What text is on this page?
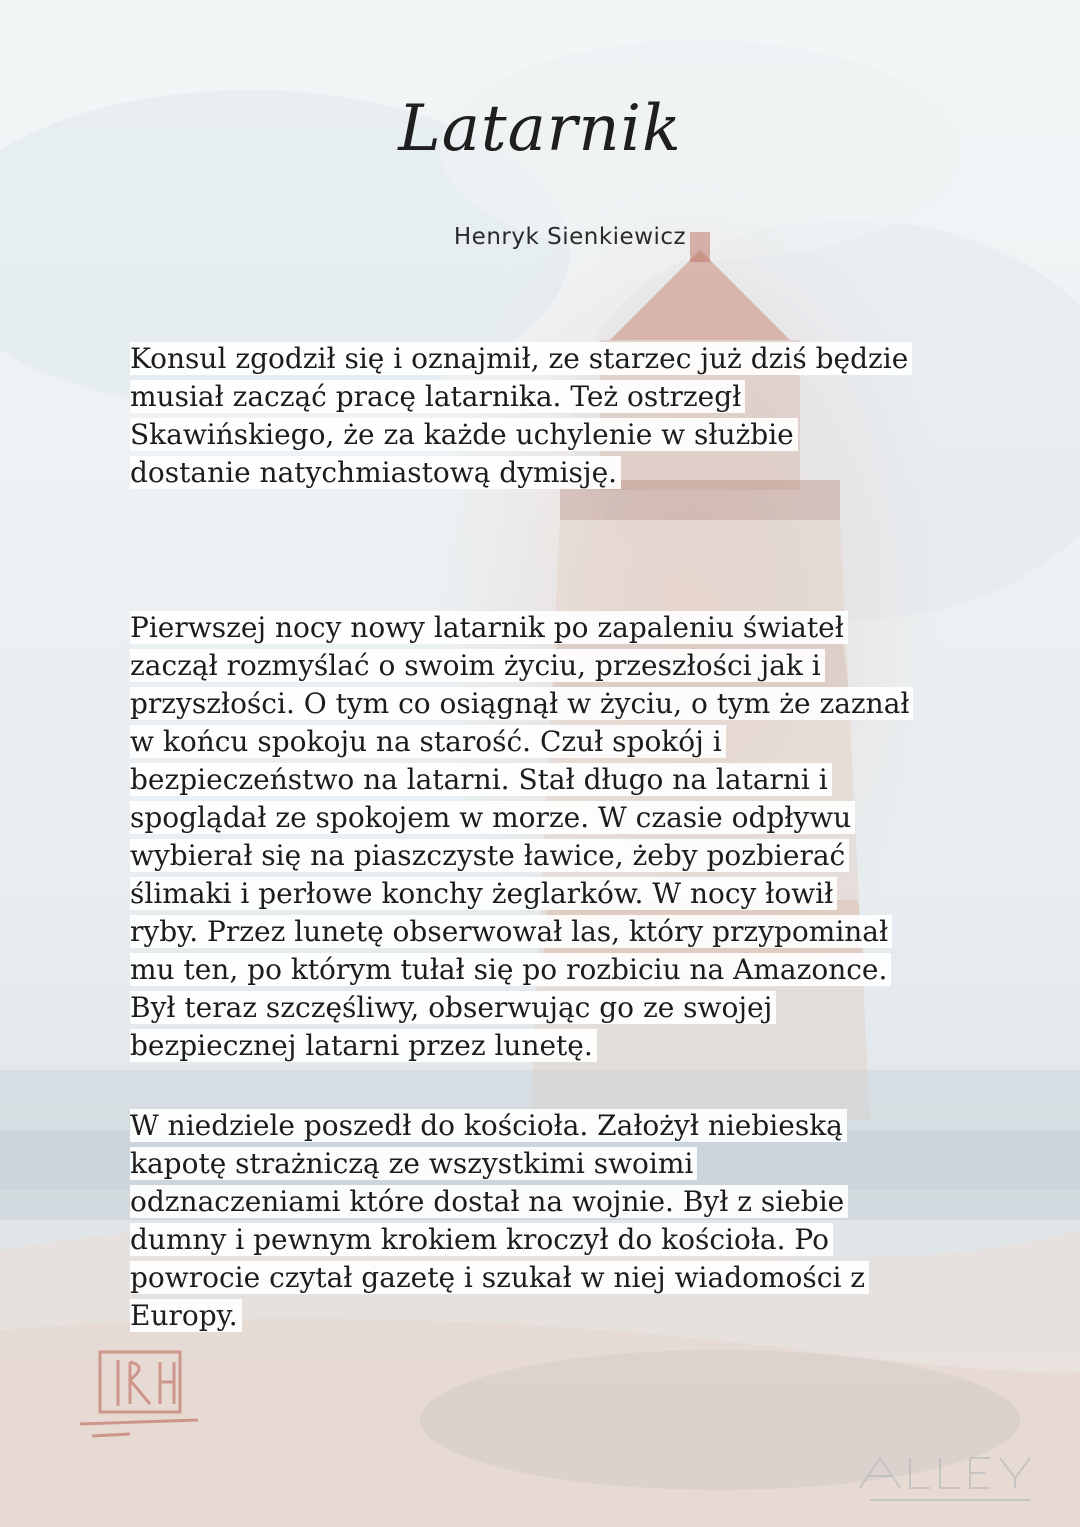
Latarnik
Henryk Sienkiewicz

Konsul zgodził się i oznajmił, ze starzec już dziś będzie
musiał zacząć pracę latarnika. Też ostrzegł
Skawińskiego, że za każde uchylenie w służbie
dostanie natychmiastową dymisję.

Pierwszej nocy nowy latarnik po zapaleniu świateł
zaczął rozmyślać o swoim życiu, przeszłości jak i
przyszłości. O tym co osiągnął w życiu, o tym że zaznał
w końcu spokoju na starość. Czuł spokój i
bezpieczeństwo na latarni. Stał długo na latarni i
spoglądał ze spokojem w morze. W czasie odpływu
wybierał się na piaszczyste ławice, żeby pozbierać
ślimaki i perłowe konchy żeglarków. W nocy łowił
ryby. Przez lunetę obserwował las, który przypominał
mu ten, po którym tułał się po rozbiciu na Amazonce.
Był teraz szczęśliwy, obserwując go ze swojej
bezpiecznej latarni przez lunetę.

W niedziele poszedł do kościoła. Założył niebieską
kapotę strażniczą ze wszystkimi swoimi
odznaczeniami które dostał na wojnie. Był z siebie
dumny i pewnym krokiem kroczył do kościoła. Po
powrocie czytał gazetę i szukał w niej wiadomości z
Europy.
